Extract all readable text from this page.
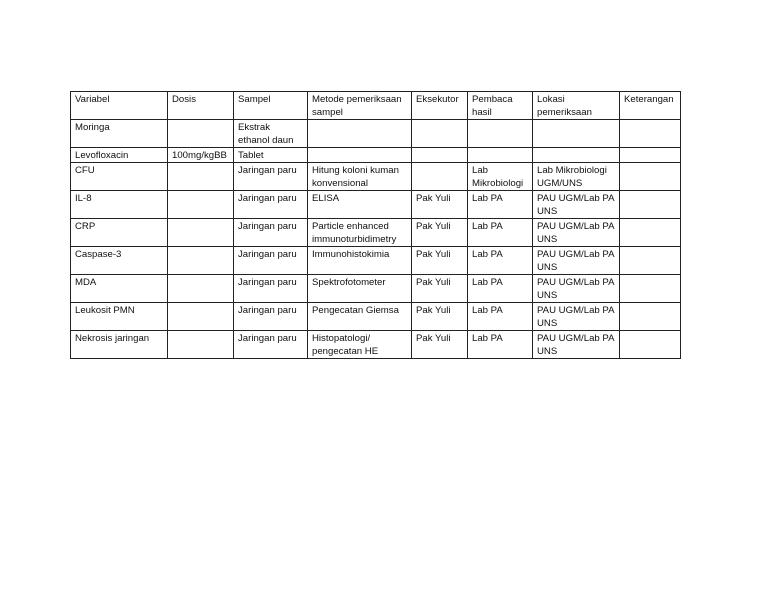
Variabel	Dosis	Sampel	Metode pemeriksaan sampel	Eksekutor	Pembaca hasil	Lokasi pemeriksaan	Keterangan
Moringa		Ekstrak ethanol daun					
Levofloxacin	100mg/kgBB	Tablet					
CFU		Jaringan paru	Hitung koloni kuman konvensional		Lab Mikrobiologi	Lab Mikrobiologi UGM/UNS	
IL-8		Jaringan paru	ELISA	Pak Yuli	Lab PA	PAU UGM/Lab PA UNS	
CRP		Jaringan paru	Particle enhanced immunoturbidimetry	Pak Yuli	Lab PA	PAU UGM/Lab PA UNS	
Caspase-3		Jaringan paru	Immunohistokimia	Pak Yuli	Lab PA	PAU UGM/Lab PA UNS	
MDA		Jaringan paru	Spektrofotometer	Pak Yuli	Lab PA	PAU UGM/Lab PA UNS	
Leukosit PMN		Jaringan paru	Pengecatan Giemsa	Pak Yuli	Lab PA	PAU UGM/Lab PA UNS	
Nekrosis jaringan		Jaringan paru	Histopatologi/ pengecatan HE	Pak Yuli	Lab PA	PAU UGM/Lab PA UNS	
